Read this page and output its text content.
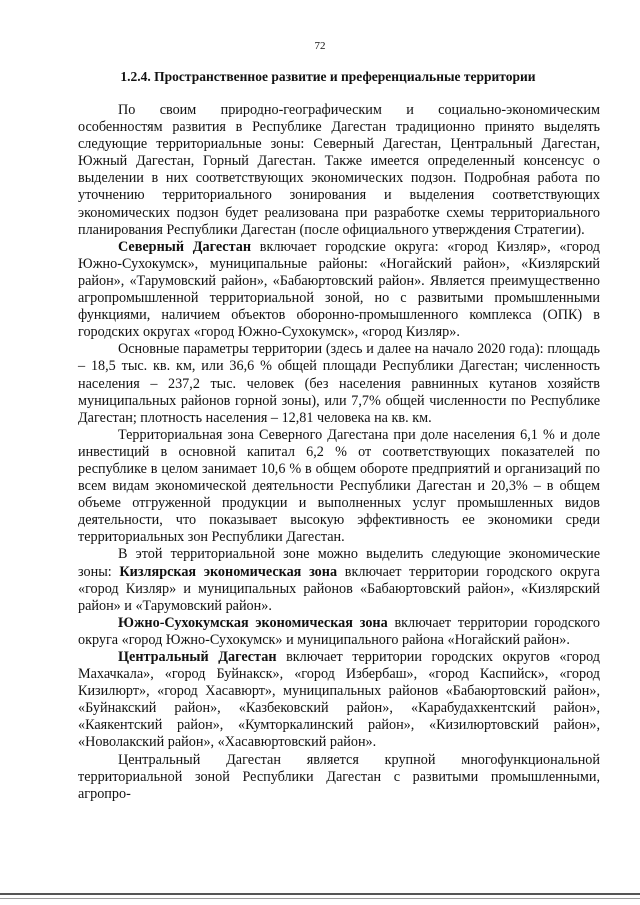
72
1.2.4. Пространственное развитие и преференциальные территории

По своим природно-географическим и социально-экономическим особенностям развития в Республике Дагестан традиционно принято выделять следующие территориальные зоны: Северный Дагестан, Центральный Дагестан, Южный Дагестан, Горный Дагестан. Также имеется определенный консенсус о выделении в них соответствующих экономических подзон. Подробная работа по уточнению территориального зонирования и выделения соответствующих экономических подзон будет реализована при разработке схемы территориального планирования Республики Дагестан (после официального утверждения Стратегии).

Северный Дагестан включает городские округа: «город Кизляр», «город Южно-Сухокумск», муниципальные районы: «Ногайский район», «Кизлярский район», «Тарумовский район», «Бабаюртовский район». Является преимущественно агропромышленной территориальной зоной, но с развитыми промышленными функциями, наличием объектов оборонно-промышленного комплекса (ОПК) в городских округах «город Южно-Сухокумск», «город Кизляр».

Основные параметры территории (здесь и далее на начало 2020 года): площадь – 18,5 тыс. кв. км, или 36,6 % общей площади Республики Дагестан; численность населения – 237,2 тыс. человек (без населения равнинных кутанов хозяйств муниципальных районов горной зоны), или 7,7% общей численности по Республике Дагестан; плотность населения – 12,81 человека на кв. км.

Территориальная зона Северного Дагестана при доле населения 6,1 % и доле инвестиций в основной капитал 6,2 % от соответствующих показателей по республике в целом занимает 10,6 % в общем обороте предприятий и организаций по всем видам экономической деятельности Республики Дагестан и 20,3% – в общем объеме отгруженной продукции и выполненных услуг промышленных видов деятельности, что показывает высокую эффективность ее экономики среди территориальных зон Республики Дагестан.

В этой территориальной зоне можно выделить следующие экономические зоны: Кизлярская экономическая зона включает территории городского округа «город Кизляр» и муниципальных районов «Бабаюртовский район», «Кизлярский район» и «Тарумовский район».

Южно-Сухокумская экономическая зона включает территории городского округа «город Южно-Сухокумск» и муниципального района «Ногайский район».

Центральный Дагестан включает территории городских округов «город Махачкала», «город Буйнакск», «город Избербаш», «город Каспийск», «город Кизилюрт», «город Хасавюрт», муниципальных районов «Бабаюртовский район», «Буйнакский район», «Казбековский район», «Карабудахкентский район», «Каякентский район», «Кумторкалинский район», «Кизилюртовский район», «Новолакский район», «Хасавюртовский район».

Центральный Дагестан является крупной многофункциональной территориальной зоной Республики Дагестан с развитыми промышленными, агропро-
